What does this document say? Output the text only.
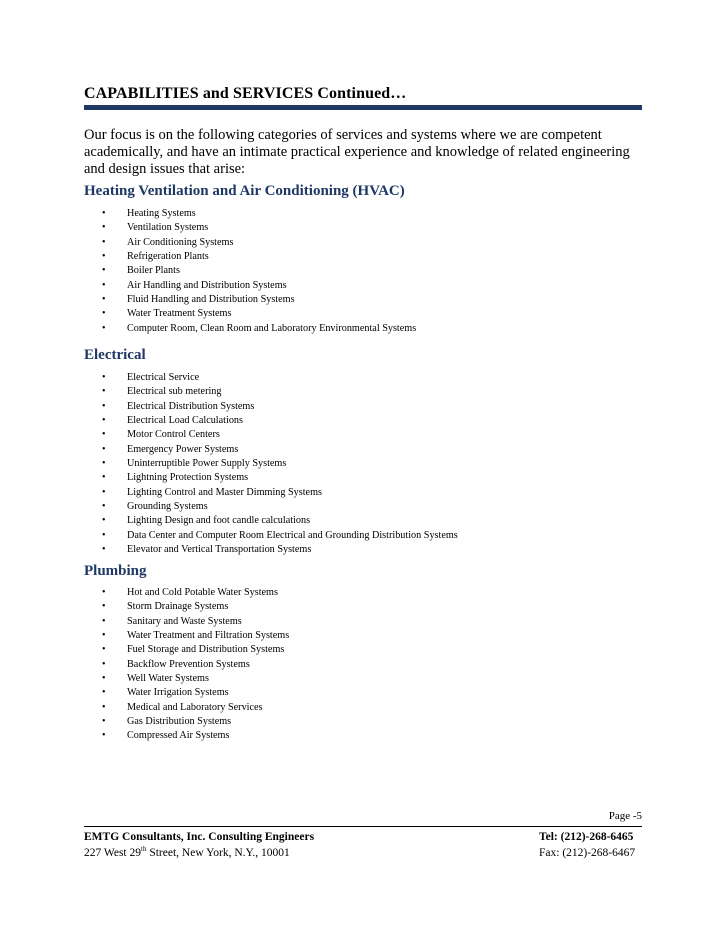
CAPABILITIES and SERVICES Continued…
Our focus is on the following categories of services and systems where we are competent academically, and have an intimate practical experience and knowledge of related engineering and design issues that arise:
Heating Ventilation and Air Conditioning (HVAC)
• Heating Systems
• Ventilation Systems
• Air Conditioning Systems
• Refrigeration Plants
• Boiler Plants
• Air Handling and Distribution Systems
• Fluid Handling and Distribution Systems
• Water Treatment Systems
• Computer Room, Clean Room and Laboratory Environmental Systems
Electrical
• Electrical Service
• Electrical sub metering
• Electrical Distribution Systems
• Electrical Load Calculations
• Motor Control Centers
• Emergency Power Systems
• Uninterruptible Power Supply Systems
• Lightning Protection Systems
• Lighting Control and Master Dimming Systems
• Grounding Systems
• Lighting Design and foot candle calculations
• Data Center and Computer Room Electrical and Grounding Distribution Systems
• Elevator and Vertical Transportation Systems
Plumbing
• Hot and Cold Potable Water Systems
• Storm Drainage Systems
• Sanitary and Waste Systems
• Water Treatment and Filtration Systems
• Fuel Storage and Distribution Systems
• Backflow Prevention Systems
• Well Water Systems
• Water Irrigation Systems
• Medical and Laboratory Services
• Gas Distribution Systems
• Compressed Air Systems
Page -5
EMTG Consultants, Inc. Consulting Engineers
227 West 29th Street, New York, N.Y., 10001
Tel: (212)-268-6465
Fax: (212)-268-6467
